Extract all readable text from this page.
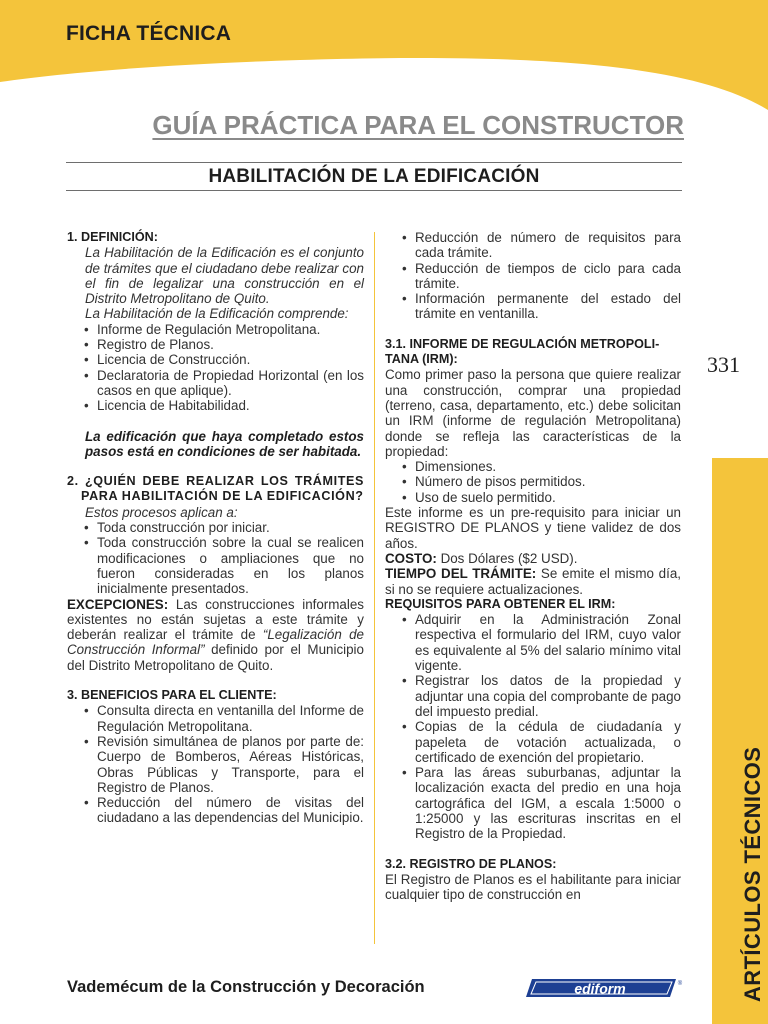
FICHA TÉCNICA
GUÍA PRÁCTICA PARA EL CONSTRUCTOR
HABILITACIÓN DE LA EDIFICACIÓN
1. DEFINICIÓN:
La Habilitación de la Edificación es el conjunto de trámites que el ciudadano debe realizar con el fin de legalizar una construcción en el Distrito Metropolitano de Quito.
La Habilitación de la Edificación comprende:
• Informe de Regulación Metropolitana.
• Registro de Planos.
• Licencia de Construcción.
• Declaratoria de Propiedad Horizontal (en los casos en que aplique).
• Licencia de Habitabilidad.
La edificación que haya completado estos pasos está en condiciones de ser habitada.
2. ¿QUIÉN DEBE REALIZAR LOS TRÁMITES PARA HABILITACIÓN DE LA EDIFICACIÓN?
Estos procesos aplican a:
• Toda construcción por iniciar.
• Toda construcción sobre la cual se realicen modificaciones o ampliaciones que no fueron consideradas en los planos inicialmente presentados.
EXCEPCIONES: Las construcciones informales existentes no están sujetas a este trámite y deberán realizar el trámite de “Legalización de Construcción Informal” definido por el Municipio del Distrito Metropolitano de Quito.
3. BENEFICIOS PARA EL CLIENTE:
• Consulta directa en ventanilla del Informe de Regulación Metropolitana.
• Revisión simultánea de planos por parte de: Cuerpo de Bomberos, Aéreas Históricas, Obras Públicas y Transporte, para el Registro de Planos.
• Reducción del número de visitas del ciudadano a las dependencias del Municipio.
• Reducción de número de requisitos para cada trámite.
• Reducción de tiempos de ciclo para cada trámite.
• Información permanente del estado del trámite en ventanilla.
3.1. INFORME DE REGULACIÓN METROPOLITANA (IRM):
Como primer paso la persona que quiere realizar una construcción, comprar una propiedad (terreno, casa, departamento, etc.) debe solicitan un IRM (informe de regulación Metropolitana) donde se refleja las características de la propiedad:
• Dimensiones.
• Número de pisos permitidos.
• Uso de suelo permitido.
Este informe es un pre-requisito para iniciar un REGISTRO DE PLANOS y tiene validez de dos años.
COSTO: Dos Dólares ($2 USD).
TIEMPO DEL TRÁMITE: Se emite el mismo día, si no se requiere actualizaciones.
REQUISITOS PARA OBTENER EL IRM:
• Adquirir en la Administración Zonal respectiva el formulario del IRM, cuyo valor es equivalente al 5% del salario mínimo vital vigente.
• Registrar los datos de la propiedad y adjuntar una copia del comprobante de pago del impuesto predial.
• Copias de la cédula de ciudadanía y papeleta de votación actualizada, o certificado de exención del propietario.
• Para las áreas suburbanas, adjuntar la localización exacta del predio en una hoja cartográfica del IGM, a escala 1:5000 o 1:25000 y las escrituras inscritas en el Registro de la Propiedad.
3.2. REGISTRO DE PLANOS:
El Registro de Planos es el habilitante para iniciar cualquier tipo de construcción en
331
ARTÍCULOS TÉCNICOS
Vademécum de la Construcción y Decoración	ediform	®
